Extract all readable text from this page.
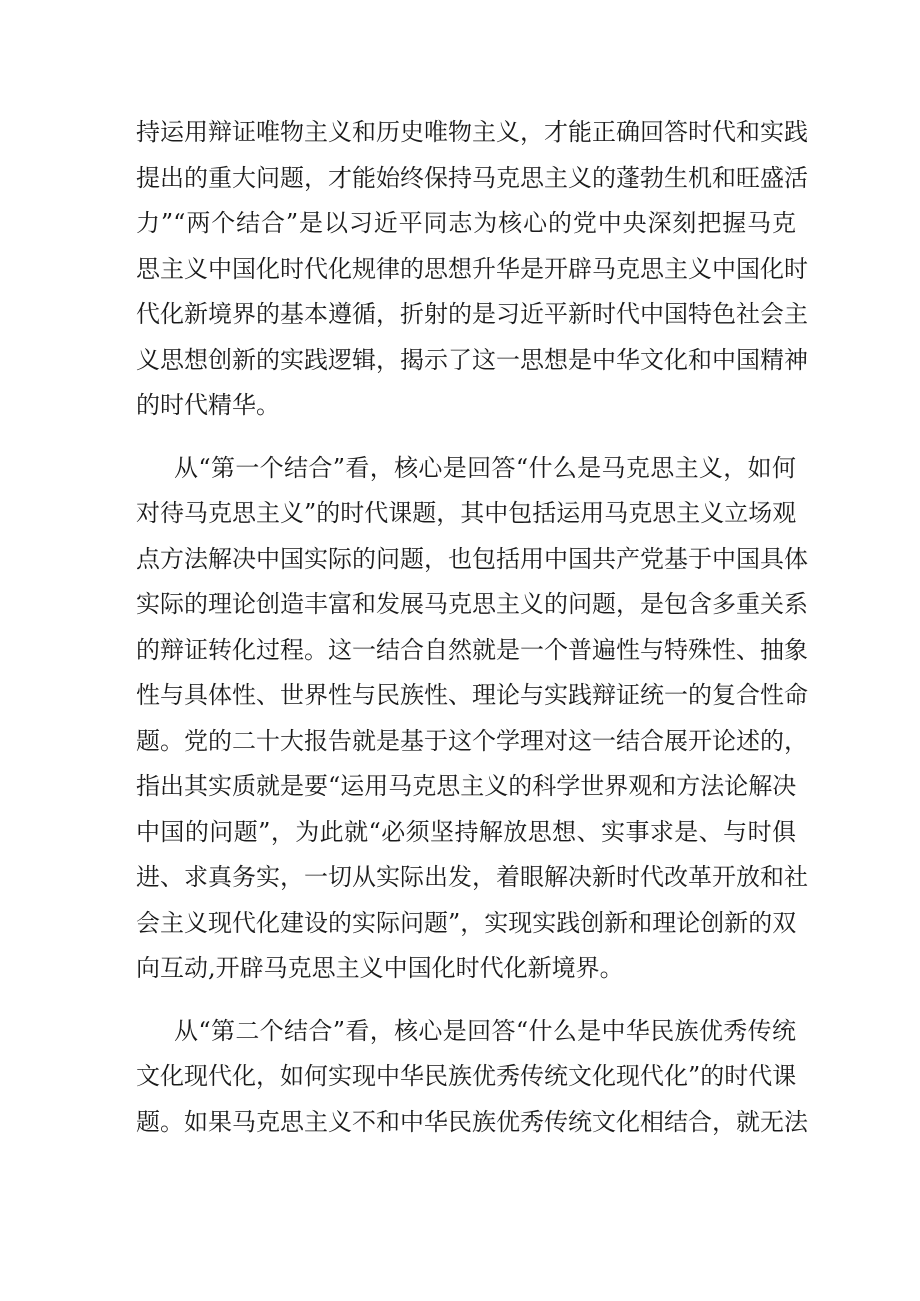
持运用辩证唯物主义和历史唯物主义，才能正确回答时代和实践
提出的重大问题，才能始终保持马克思主义的蓬勃生机和旺盛活
力”“两个结合”是以习近平同志为核心的党中央深刻把握马克
思主义中国化时代化规律的思想升华是开辟马克思主义中国化时
代化新境界的基本遵循，折射的是习近平新时代中国特色社会主
义思想创新的实践逻辑，揭示了这一思想是中华文化和中国精神
的时代精华。
从“第一个结合”看，核心是回答“什么是马克思主义，如何
对待马克思主义”的时代课题，其中包括运用马克思主义立场观
点方法解决中国实际的问题，也包括用中国共产党基于中国具体
实际的理论创造丰富和发展马克思主义的问题，是包含多重关系
的辩证转化过程。这一结合自然就是一个普遍性与特殊性、抽象
性与具体性、世界性与民族性、理论与实践辩证统一的复合性命
题。党的二十大报告就是基于这个学理对这一结合展开论述的，
指出其实质就是要“运用马克思主义的科学世界观和方法论解决
中国的问题”，为此就“必须坚持解放思想、实事求是、与时俱
进、求真务实，一切从实际出发，着眼解决新时代改革开放和社
会主义现代化建设的实际问题”，实现实践创新和理论创新的双
向互动,开辟马克思主义中国化时代化新境界。
从“第二个结合”看，核心是回答“什么是中华民族优秀传统
文化现代化，如何实现中华民族优秀传统文化现代化”的时代课
题。如果马克思主义不和中华民族优秀传统文化相结合，就无法
